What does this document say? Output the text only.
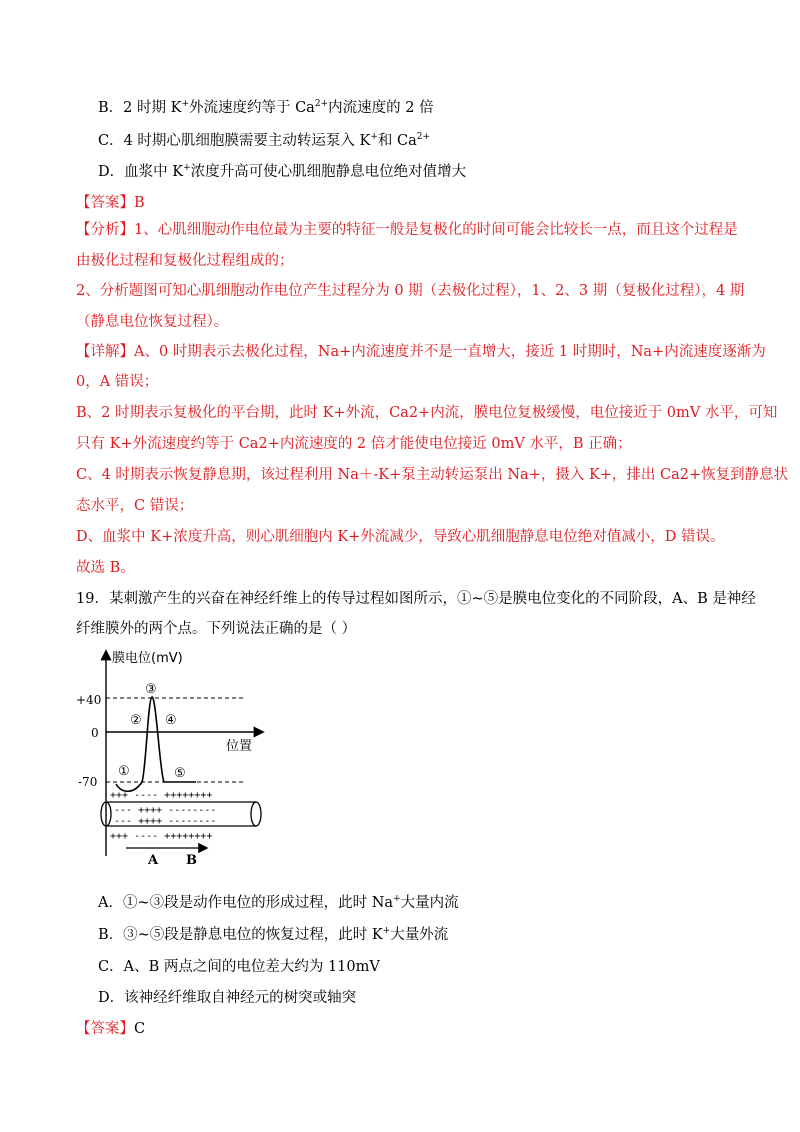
B．2 时期 K+外流速度约等于 $Ca^{2+}$内流速度的 2 倍
C．4 时期心肌细胞膜需要主动转运泵入 K+和 $Ca^{2+}$
D．血浆中 K+浓度升高可使心肌细胞静息电位绝对值增大
【答案】B
【分析】1、心肌细胞动作电位最为主要的特征一般是复极化的时间可能会比较长一点，而且这个过程是
由极化过程和复极化过程组成的；
2、分析题图可知心肌细胞动作电位产生过程分为 0 期（去极化过程），1、2、3 期（复极化过程），4 期
（静息电位恢复过程）。
【详解】A、0 时期表示去极化过程，Na+内流速度并不是一直增大，接近 1 时期时，Na+内流速度逐渐为
0，A 错误；
B、2 时期表示复极化的平台期，此时 K+外流，Ca2+内流，膜电位复极缓慢，电位接近于 0mV 水平，可知
只有 K+外流速度约等于 Ca2+内流速度的 2 倍才能使电位接近 0mV 水平，B 正确；
C、4 时期表示恢复静息期，该过程利用 Na＋-K+泵主动转运泵出 Na+，摄入 K+，排出 Ca2+恢复到静息状
态水平，C 错误；
D、血浆中 K+浓度升高，则心肌细胞内 K+外流减少，导致心肌细胞静息电位绝对值减小，D 错误。
故选 B。
19．某刺激产生的兴奋在神经纤维上的传导过程如图所示，①~⑤是膜电位变化的不同阶段，A、B 是神经
纤维膜外的两个点。下列说法正确的是（ ）
膜电位(mV)
位置
+40
0
-70
①
②
③
④
⑤
+++ ---- ++++++++
--- ++++ --------
--- ++++ --------
+++ ---- ++++++++
A B
A．①~③段是动作电位的形成过程，此时 Na+大量内流
B．③~⑤段是静息电位的恢复过程，此时 K+大量外流
C．A、B 两点之间的电位差大约为 110mV
D．该神经纤维取自神经元的树突或轴突
【答案】C
